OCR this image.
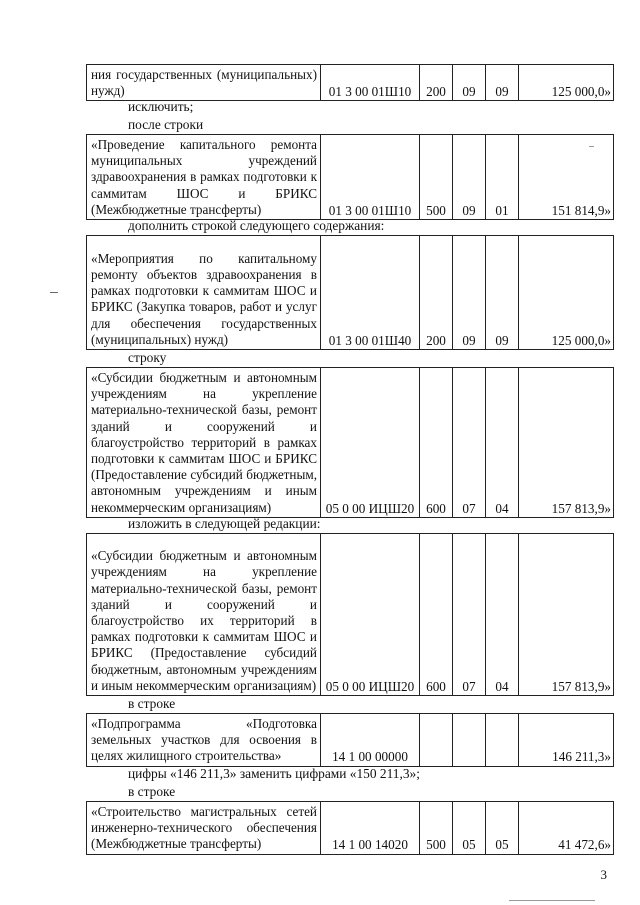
ния государственных (муниципальных) нужд)	01 3 00 01Ш10	200	09	09	125 000,0»
исключить;
после строки
«Проведение капитального ремонта муниципальных учреждений здравоохранения в рамках подготовки к саммитам ШОС и БРИКС (Межбюджетные трансферты)	01 3 00 01Ш10	500	09	01	151 814,9»
дополнить строкой следующего содержания:
«Мероприятия по капитальному ремонту объектов здравоохранения в рамках подготовки к саммитам ШОС и БРИКС (Закупка товаров, работ и услуг для обеспечения государственных (муниципальных) нужд)	01 3 00 01Ш40	200	09	09	125 000,0»
строку
«Субсидии бюджетным и автономным учреждениям на укрепление материально-технической базы, ремонт зданий и сооружений и благоустройство территорий в рамках подготовки к саммитам ШОС и БРИКС (Предоставление субсидий бюджетным, автономным учреждениям и иным некоммерческим организациям)	05 0 00 ИЦШ20	600	07	04	157 813,9»
изложить в следующей редакции:
«Субсидии бюджетным и автономным учреждениям на укрепление материально-технической базы, ремонт зданий и сооружений и благоустройство их территорий в рамках подготовки к саммитам ШОС и БРИКС (Предоставление субсидий бюджетным, автономным учреждениям и иным некоммерческим организациям)	05 0 00 ИЦШ20	600	07	04	157 813,9»
в строке
«Подпрограмма «Подготовка земельных участков для освоения в целях жилищного строительства»	14 1 00 00000				146 211,3»
цифры «146 211,3» заменить цифрами «150 211,3»;
в строке
«Строительство магистральных сетей инженерно-технического обеспечения (Межбюджетные трансферты)	14 1 00 14020	500	05	05	41 472,6»
3
